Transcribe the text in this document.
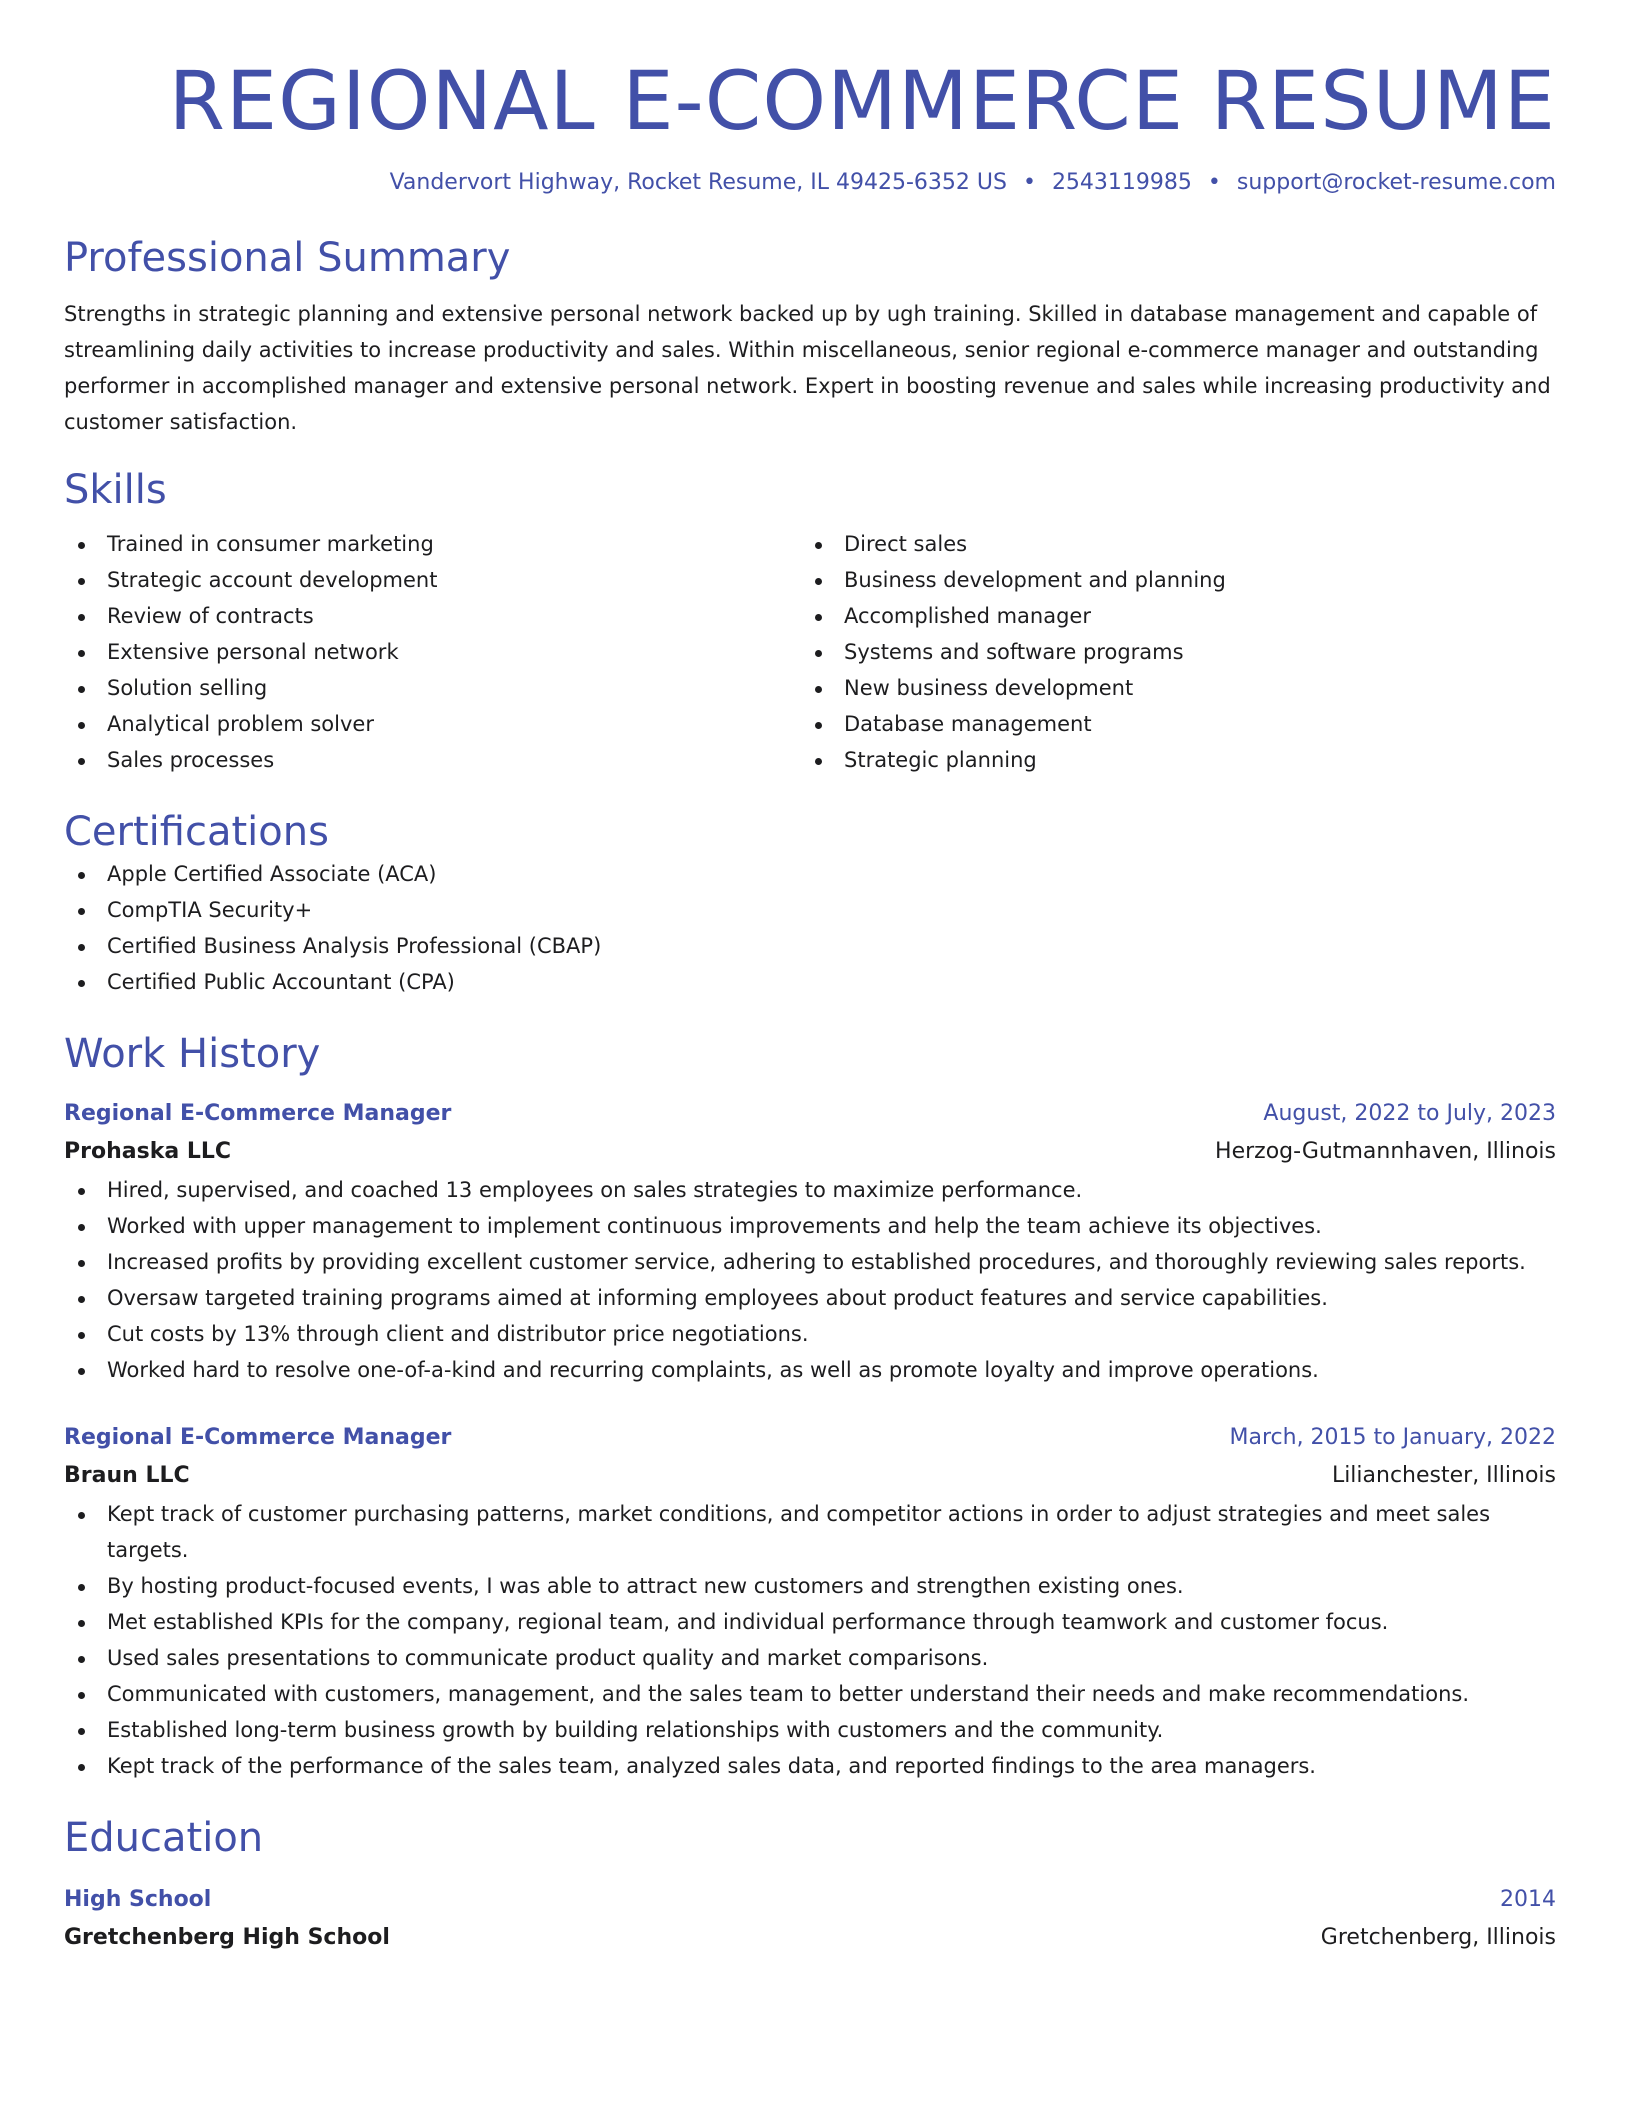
REGIONAL E-COMMERCE RESUME
Vandervort Highway, Rocket Resume, IL 49425-6352 US • 2543119985 • support@rocket-resume.com
Professional Summary

Strengths in strategic planning and extensive personal network backed up by ugh training. Skilled in database management and capable of streamlining daily activities to increase productivity and sales. Within miscellaneous, senior regional e-commerce manager and outstanding performer in accomplished manager and extensive personal network. Expert in boosting revenue and sales while increasing productivity and customer satisfaction.

Skills
Trained in consumer marketing
Strategic account development
Review of contracts
Extensive personal network
Solution selling
Analytical problem solver
Sales processes
Direct sales
Business development and planning
Accomplished manager
Systems and software programs
New business development
Database management
Strategic planning
Certifications
Apple Certified Associate (ACA)
CompTIA Security+
Certified Business Analysis Professional (CBAP)
Certified Public Accountant (CPA)
Work History
Regional E-Commerce Manager	August, 2022 to July, 2023
Prohaska LLC	Herzog-Gutmannhaven, Illinois
Hired, supervised, and coached 13 employees on sales strategies to maximize performance.
Worked with upper management to implement continuous improvements and help the team achieve its objectives.
Increased profits by providing excellent customer service, adhering to established procedures, and thoroughly reviewing sales reports.
Oversaw targeted training programs aimed at informing employees about product features and service capabilities.
Cut costs by 13% through client and distributor price negotiations.
Worked hard to resolve one-of-a-kind and recurring complaints, as well as promote loyalty and improve operations.
Regional E-Commerce Manager	March, 2015 to January, 2022
Braun LLC	Lilianchester, Illinois
Kept track of customer purchasing patterns, market conditions, and competitor actions in order to adjust strategies and meet sales targets.
By hosting product-focused events, I was able to attract new customers and strengthen existing ones.
Met established KPIs for the company, regional team, and individual performance through teamwork and customer focus.
Used sales presentations to communicate product quality and market comparisons.
Communicated with customers, management, and the sales team to better understand their needs and make recommendations.
Established long-term business growth by building relationships with customers and the community.
Kept track of the performance of the sales team, analyzed sales data, and reported findings to the area managers.
Education
High School	2014
Gretchenberg High School	Gretchenberg, Illinois
